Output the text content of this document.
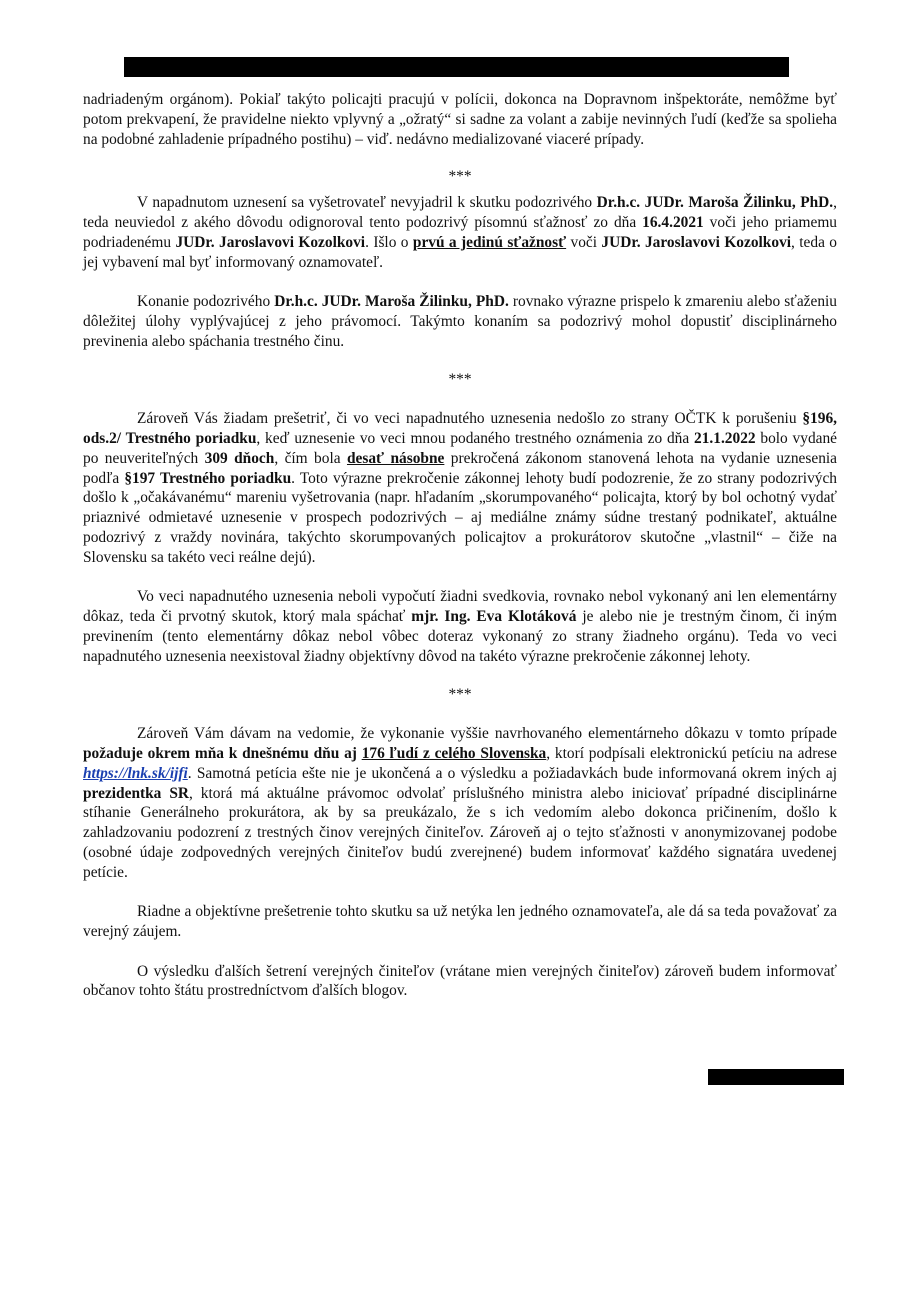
nadriadeným orgánom). Pokiaľ takýto policajti pracujú v polícii, dokonca na Dopravnom inšpektoráte, nemôžme byť potom prekvapení, že pravidelne niekto vplyvný a „ožratý“ si sadne za volant a zabije nevinných ľudí (keďže sa spolieha na podobné zahladenie prípadného postihu) – viď. nedávno medializované viaceré prípady.

***

V napadnutom uznesení sa vyšetrovateľ nevyjadril k skutku podozrivého Dr.h.c. JUDr. Maroša Žilinku, PhD., teda neuviedol z akého dôvodu odignoroval tento podozrivý písomnú sťažnosť zo dňa 16.4.2021 voči jeho priamemu podriadenému JUDr. Jaroslavovi Kozolkovi. Išlo o prvú a jedinú sťažnosť voči JUDr. Jaroslavovi Kozolkovi, teda o jej vybavení mal byť informovaný oznamovateľ.

Konanie podozrivého Dr.h.c. JUDr. Maroša Žilinku, PhD. rovnako výrazne prispelo k zmareniu alebo sťaženiu dôležitej úlohy vyplývajúcej z jeho právomocí. Takýmto konaním sa podozrivý mohol dopustiť disciplinárneho previnenia alebo spáchania trestného činu.

***

Zároveň Vás žiadam prešetriť, či vo veci napadnutého uznesenia nedošlo zo strany OČTK k porušeniu §196, ods.2/ Trestného poriadku, keď uznesenie vo veci mnou podaného trestného oznámenia zo dňa 21.1.2022 bolo vydané po neuveriteľných 309 dňoch, čím bola desať násobne prekročená zákonom stanovená lehota na vydanie uznesenia podľa §197 Trestného poriadku. Toto výrazne prekročenie zákonnej lehoty budí podozrenie, že zo strany podozrivých došlo k „očakávanému“ mareniu vyšetrovania (napr. hľadaním „skorumpovaného“ policajta, ktorý by bol ochotný vydať priaznivé odmietavé uznesenie v prospech podozrivých – aj mediálne známy súdne trestaný podnikateľ, aktuálne podozrivý z vraždy novinára, takýchto skorumpovaných policajtov a prokurátorov skutočne „vlastnil“ – čiže na Slovensku sa takéto veci reálne dejú).

Vo veci napadnutého uznesenia neboli vypočutí žiadni svedkovia, rovnako nebol vykonaný ani len elementárny dôkaz, teda či prvotný skutok, ktorý mala spáchať mjr. Ing. Eva Klotáková je alebo nie je trestným činom, či iným previnením (tento elementárny dôkaz nebol vôbec doteraz vykonaný zo strany žiadneho orgánu). Teda vo veci napadnutého uznesenia neexistoval žiadny objektívny dôvod na takéto výrazne prekročenie zákonnej lehoty.

***

Zároveň Vám dávam na vedomie, že vykonanie vyššie navrhovaného elementárneho dôkazu v tomto prípade požaduje okrem mňa k dnešnému dňu aj 176 ľudí z celého Slovenska, ktorí podpísali elektronickú petíciu na adrese https://lnk.sk/ijfi. Samotná petícia ešte nie je ukončená a o výsledku a požiadavkách bude informovaná okrem iných aj prezidentka SR, ktorá má aktuálne právomoc odvolať príslušného ministra alebo iniciovať prípadné disciplinárne stíhanie Generálneho prokurátora, ak by sa preukázalo, že s ich vedomím alebo dokonca pričinením, došlo k zahladzovaniu podozrení z trestných činov verejných činiteľov. Zároveň aj o tejto sťažnosti v anonymizovanej podobe (osobné údaje zodpovedných verejných činiteľov budú zverejnené) budem informovať každého signatára uvedenej petície.

Riadne a objektívne prešetrenie tohto skutku sa už netýka len jedného oznamovateľa, ale dá sa teda považovať za verejný záujem.

O výsledku ďalších šetrení verejných činiteľov (vrátane mien verejných činiteľov) zároveň budem informovať občanov tohto štátu prostredníctvom ďalších blogov.
